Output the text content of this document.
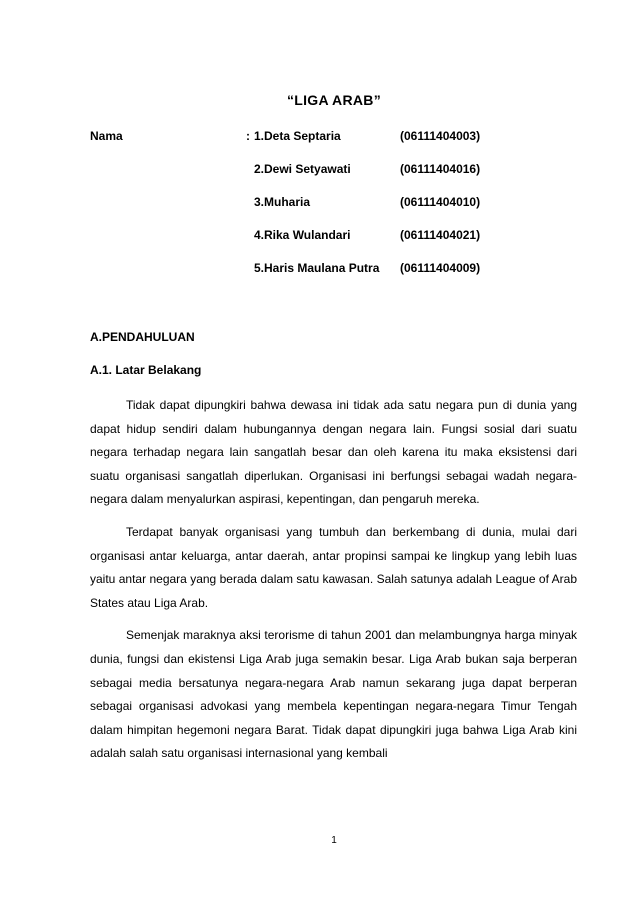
“LIGA ARAB”
Nama	: 1.Deta Septaria	(06111404003)
2.Dewi Setyawati	(06111404016)
3.Muharia	(06111404010)
4.Rika Wulandari	(06111404021)
5.Haris Maulana Putra (06111404009)
A.PENDAHULUAN
A.1. Latar Belakang

Tidak dapat dipungkiri bahwa dewasa ini tidak ada satu negara pun di dunia yang dapat hidup sendiri dalam hubungannya dengan negara lain. Fungsi sosial dari suatu negara terhadap negara lain sangatlah besar dan oleh karena itu maka eksistensi dari suatu organisasi sangatlah diperlukan. Organisasi ini berfungsi sebagai wadah negara-negara dalam menyalurkan aspirasi, kepentingan, dan pengaruh mereka.

Terdapat banyak organisasi yang tumbuh dan berkembang di dunia, mulai dari organisasi antar keluarga, antar daerah, antar propinsi sampai ke lingkup yang lebih luas yaitu antar negara yang berada dalam satu kawasan. Salah satunya adalah League of Arab States atau Liga Arab.

Semenjak maraknya aksi terorisme di tahun 2001 dan melambungnya harga minyak dunia, fungsi dan ekistensi Liga Arab juga semakin besar. Liga Arab bukan saja berperan sebagai media bersatunya negara-negara Arab namun sekarang juga dapat berperan sebagai organisasi advokasi yang membela kepentingan negara-negara Timur Tengah dalam himpitan hegemoni negara Barat. Tidak dapat dipungkiri juga bahwa Liga Arab kini adalah salah satu organisasi internasional yang kembali

1
